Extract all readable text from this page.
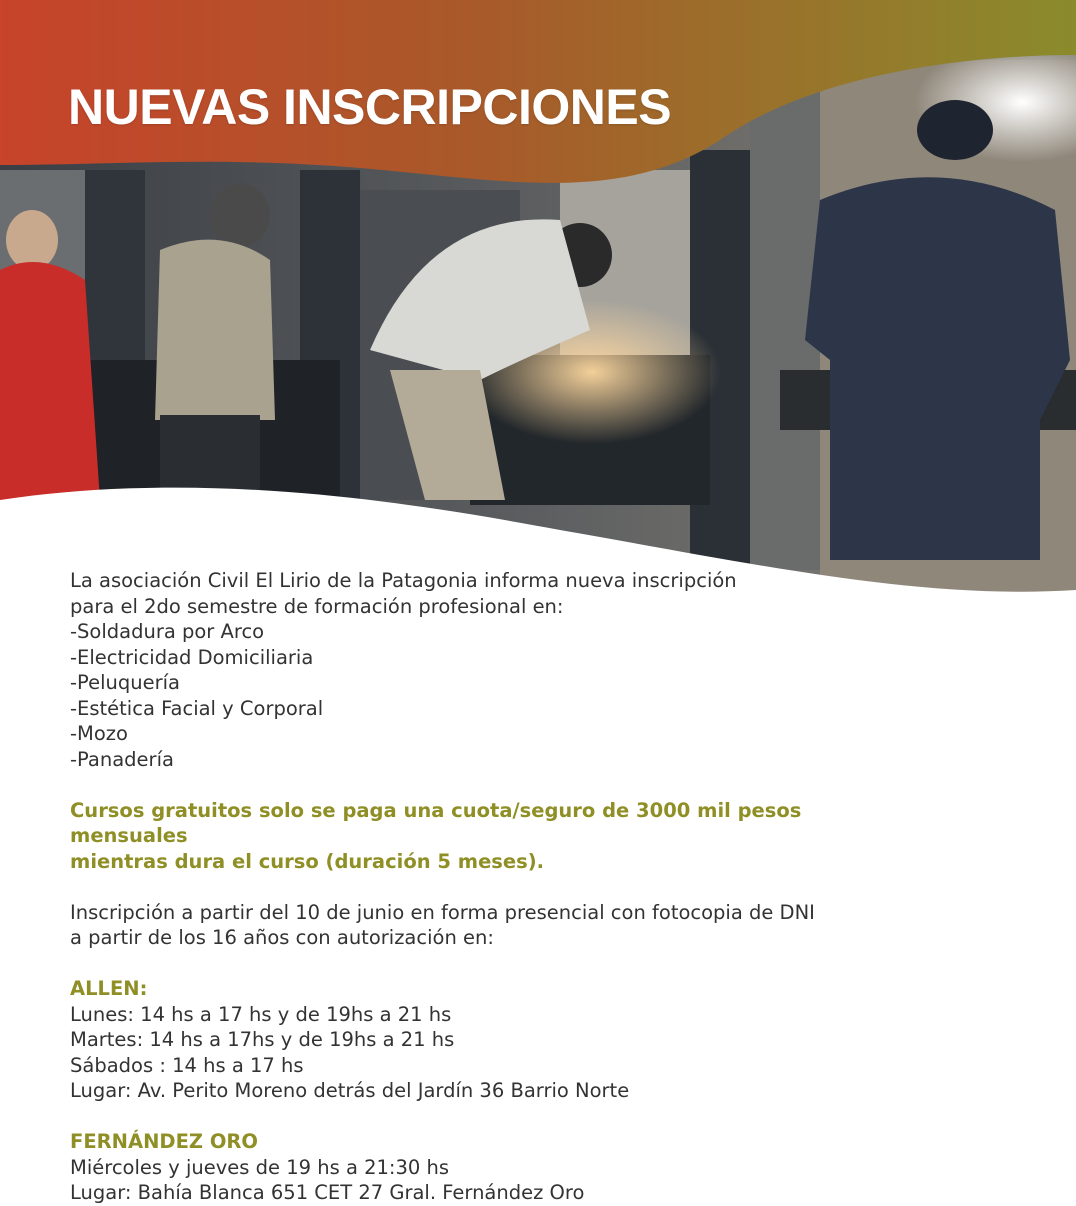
NUEVAS INSCRIPCIONES

La asociación Civil El Lirio de la Patagonia informa nueva inscripción

para el 2do semestre de formación profesional en:

-Soldadura por Arco

-Electricidad Domiciliaria

-Peluquería

-Estética Facial y Corporal

-Mozo

-Panadería

Cursos gratuitos solo se paga una cuota/seguro de 3000 mil pesos mensuales

mientras dura el curso (duración 5 meses).

Inscripción a partir del 10 de junio en forma presencial con fotocopia de DNI

a partir de los 16 años con autorización en:

ALLEN:

Lunes: 14 hs a 17 hs y de 19hs a 21 hs

Martes: 14 hs a 17hs y de 19hs a 21 hs

Sábados : 14 hs a 17 hs

Lugar: Av. Perito Moreno detrás del Jardín 36 Barrio Norte

FERNÁNDEZ ORO

Miércoles y jueves de 19 hs a 21:30 hs

Lugar: Bahía Blanca 651 CET 27 Gral. Fernández Oro
